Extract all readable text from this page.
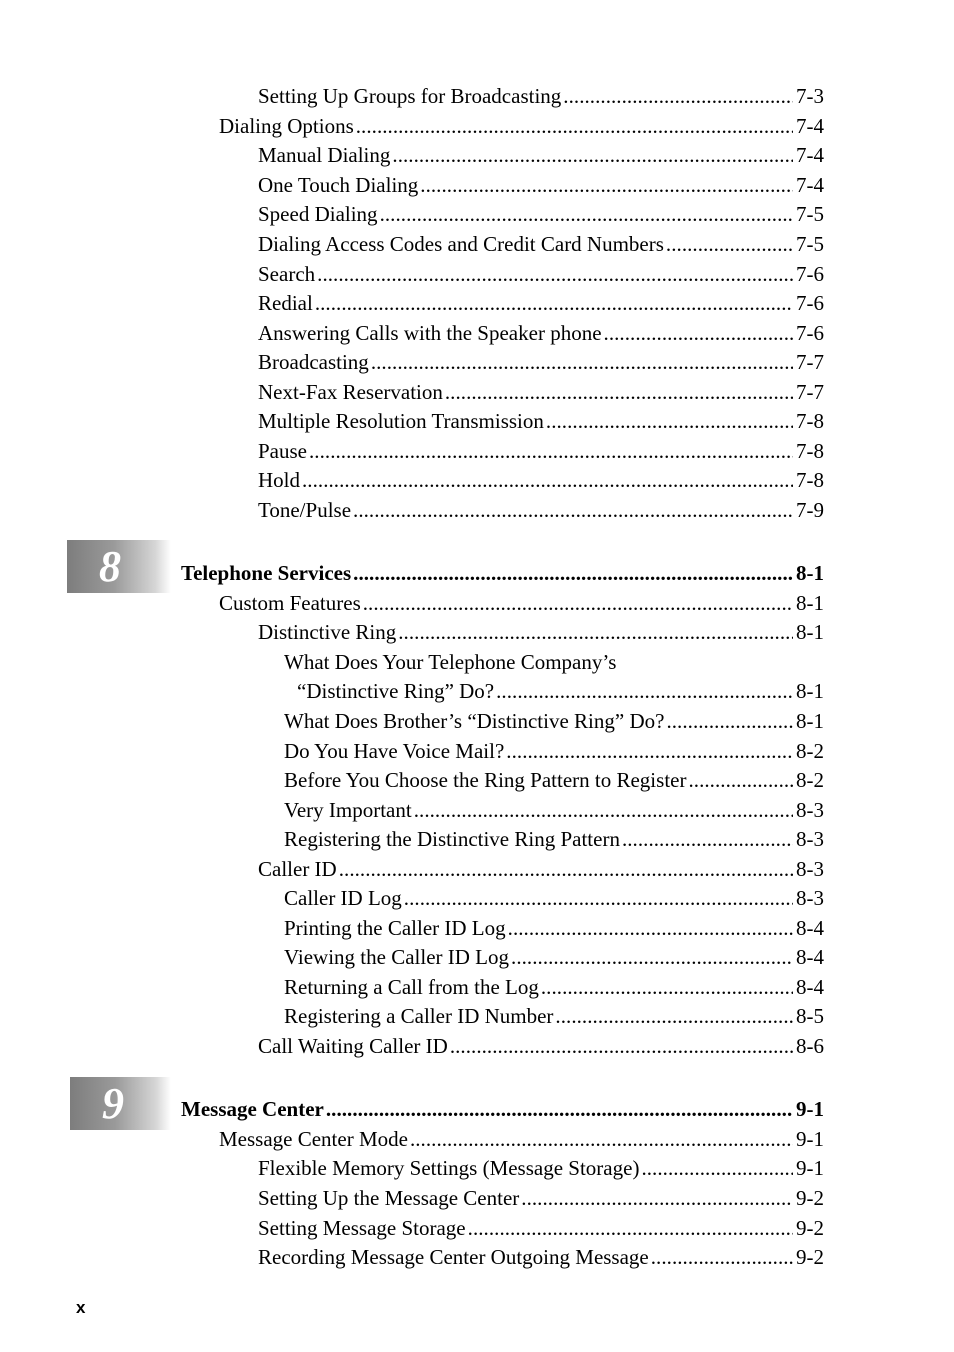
Setting Up Groups for Broadcasting . . .	7-3
Dialing Options . . .	7-4
Manual Dialing . . .	7-4
One Touch Dialing . . .	7-4
Speed Dialing . . .	7-5
Dialing Access Codes and Credit Card Numbers . . .	7-5
Search . . .	7-6
Redial . . .	7-6
Answering Calls with the Speaker phone . . .	7-6
Broadcasting . . .	7-7
Next-Fax Reservation . . .	7-7
Multiple Resolution Transmission . . .	7-8
Pause . . .	7-8
Hold . . .	7-8
Tone/Pulse . . .	7-9
8	Telephone Services . . .	8-1
Custom Features . . .	8-1
Distinctive Ring . . .	8-1
What Does Your Telephone Company’s
“Distinctive Ring” Do? . . .	8-1
What Does Brother’s “Distinctive Ring” Do? . . .	8-1
Do You Have Voice Mail? . . .	8-2
Before You Choose the Ring Pattern to Register . . .	8-2
Very Important . . .	8-3
Registering the Distinctive Ring Pattern . . .	8-3
Caller ID . . .	8-3
Caller ID Log . . .	8-3
Printing the Caller ID Log . . .	8-4
Viewing the Caller ID Log . . .	8-4
Returning a Call from the Log . . .	8-4
Registering a Caller ID Number . . .	8-5
Call Waiting Caller ID . . .	8-6
9	Message Center . . .	9-1
Message Center Mode . . .	9-1
Flexible Memory Settings (Message Storage) . . .	9-1
Setting Up the Message Center . . .	9-2
Setting Message Storage . . .	9-2
Recording Message Center Outgoing Message . . .	9-2
x
